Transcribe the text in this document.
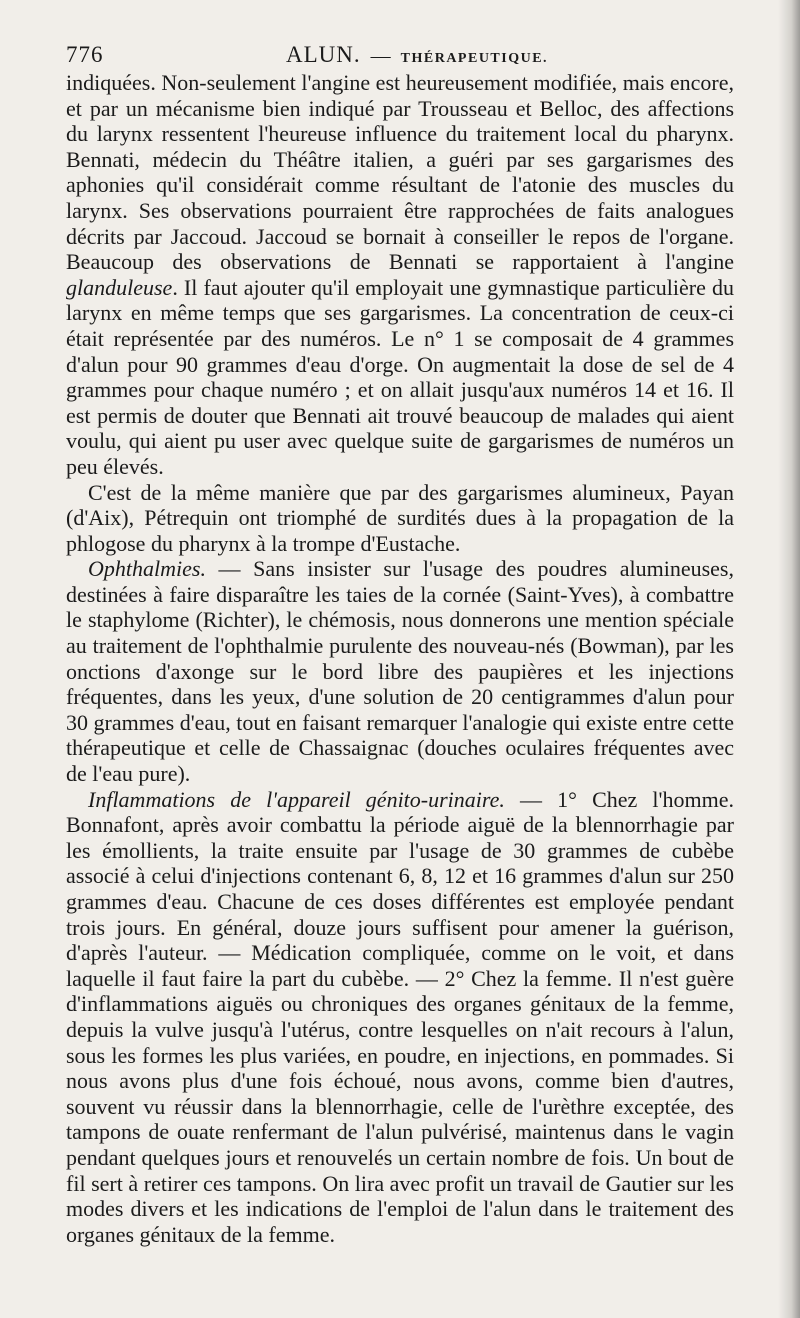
776	ALUN. — THÉRAPEUTIQUE.

indiquées. Non-seulement l'angine est heureusement modifiée, mais encore, et par un mécanisme bien indiqué par Trousseau et Belloc, des affections du larynx ressentent l'heureuse influence du traitement local du pharynx. Bennati, médecin du Théâtre italien, a guéri par ses gargarismes des aphonies qu'il considérait comme résultant de l'atonie des muscles du larynx. Ses observations pourraient être rapprochées de faits analogues décrits par Jaccoud. Jaccoud se bornait à conseiller le repos de l'organe. Beaucoup des observations de Bennati se rapportaient à l'angine glanduleuse. Il faut ajouter qu'il employait une gymnastique particulière du larynx en même temps que ses gargarismes. La concentration de ceux-ci était représentée par des numéros. Le n° 1 se composait de 4 grammes d'alun pour 90 grammes d'eau d'orge. On augmentait la dose de sel de 4 grammes pour chaque numéro ; et on allait jusqu'aux numéros 14 et 16. Il est permis de douter que Bennati ait trouvé beaucoup de malades qui aient voulu, qui aient pu user avec quelque suite de gargarismes de numéros un peu élevés.

C'est de la même manière que par des gargarismes alumineux, Payan (d'Aix), Pétrequin ont triomphé de surdités dues à la propagation de la phlogose du pharynx à la trompe d'Eustache.

Ophthalmies. — Sans insister sur l'usage des poudres alumineuses, destinées à faire disparaître les taies de la cornée (Saint-Yves), à combattre le staphylome (Richter), le chémosis, nous donnerons une mention spéciale au traitement de l'ophthalmie purulente des nouveau-nés (Bowman), par les onctions d'axonge sur le bord libre des paupières et les injections fréquentes, dans les yeux, d'une solution de 20 centigrammes d'alun pour 30 grammes d'eau, tout en faisant remarquer l'analogie qui existe entre cette thérapeutique et celle de Chassaignac (douches oculaires fréquentes avec de l'eau pure).

Inflammations de l'appareil génito-urinaire. — 1° Chez l'homme. Bonnafont, après avoir combattu la période aiguë de la blennorrhagie par les émollients, la traite ensuite par l'usage de 30 grammes de cubèbe associé à celui d'injections contenant 6, 8, 12 et 16 grammes d'alun sur 250 grammes d'eau. Chacune de ces doses différentes est employée pendant trois jours. En général, douze jours suffisent pour amener la guérison, d'après l'auteur. — Médication compliquée, comme on le voit, et dans laquelle il faut faire la part du cubèbe. — 2° Chez la femme. Il n'est guère d'inflammations aiguës ou chroniques des organes génitaux de la femme, depuis la vulve jusqu'à l'utérus, contre lesquelles on n'ait recours à l'alun, sous les formes les plus variées, en poudre, en injections, en pommades. Si nous avons plus d'une fois échoué, nous avons, comme bien d'autres, souvent vu réussir dans la blennorrhagie, celle de l'urèthre exceptée, des tampons de ouate renfermant de l'alun pulvérisé, maintenus dans le vagin pendant quelques jours et renouvelés un certain nombre de fois. Un bout de fil sert à retirer ces tampons. On lira avec profit un travail de Gautier sur les modes divers et les indications de l'emploi de l'alun dans le traitement des organes génitaux de la femme.
